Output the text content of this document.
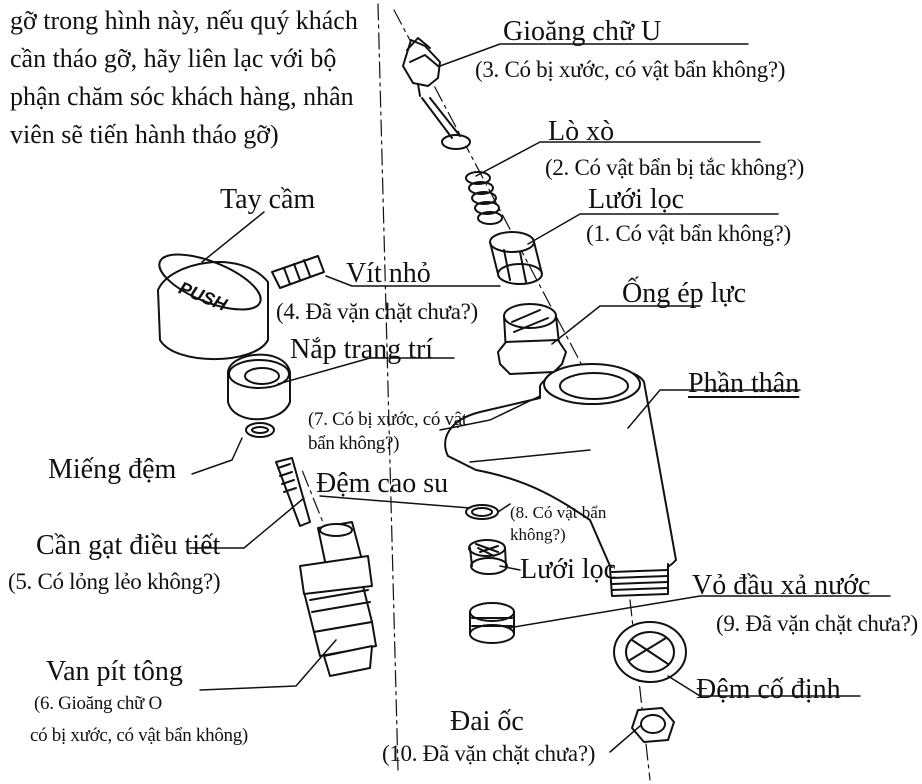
PUSH
gỡ trong hình này, nếu quý khách cần tháo gỡ, hãy liên lạc với bộ phận chăm sóc khách hàng, nhân viên sẽ tiến hành tháo gỡ)
Gioăng chữ U
(3. Có bị xước, có vật bẩn không?)
Lò xò
(2. Có vật bẩn bị tắc không?)
Lưới lọc
(1. Có vật bẩn không?)
Tay cầm
Vít nhỏ
(4. Đã vặn chặt chưa?)
Ống ép lực
Nắp trang trí
Phần thân
(7. Có bị xước, có vật bẩn không?)
Miếng đệm	Đệm cao su
(8. Có vật bẩn không?)
Cần gạt điều tiết
(5. Có lỏng lẻo không?)	Lưới lọc
Vỏ đầu xả nước
(9. Đã vặn chặt chưa?)
Van pít tông
(6. Gioăng chữ O
có bị xước, có vật bẩn không)
Đệm cố định
Đai ốc
(10. Đã vặn chặt chưa?)
